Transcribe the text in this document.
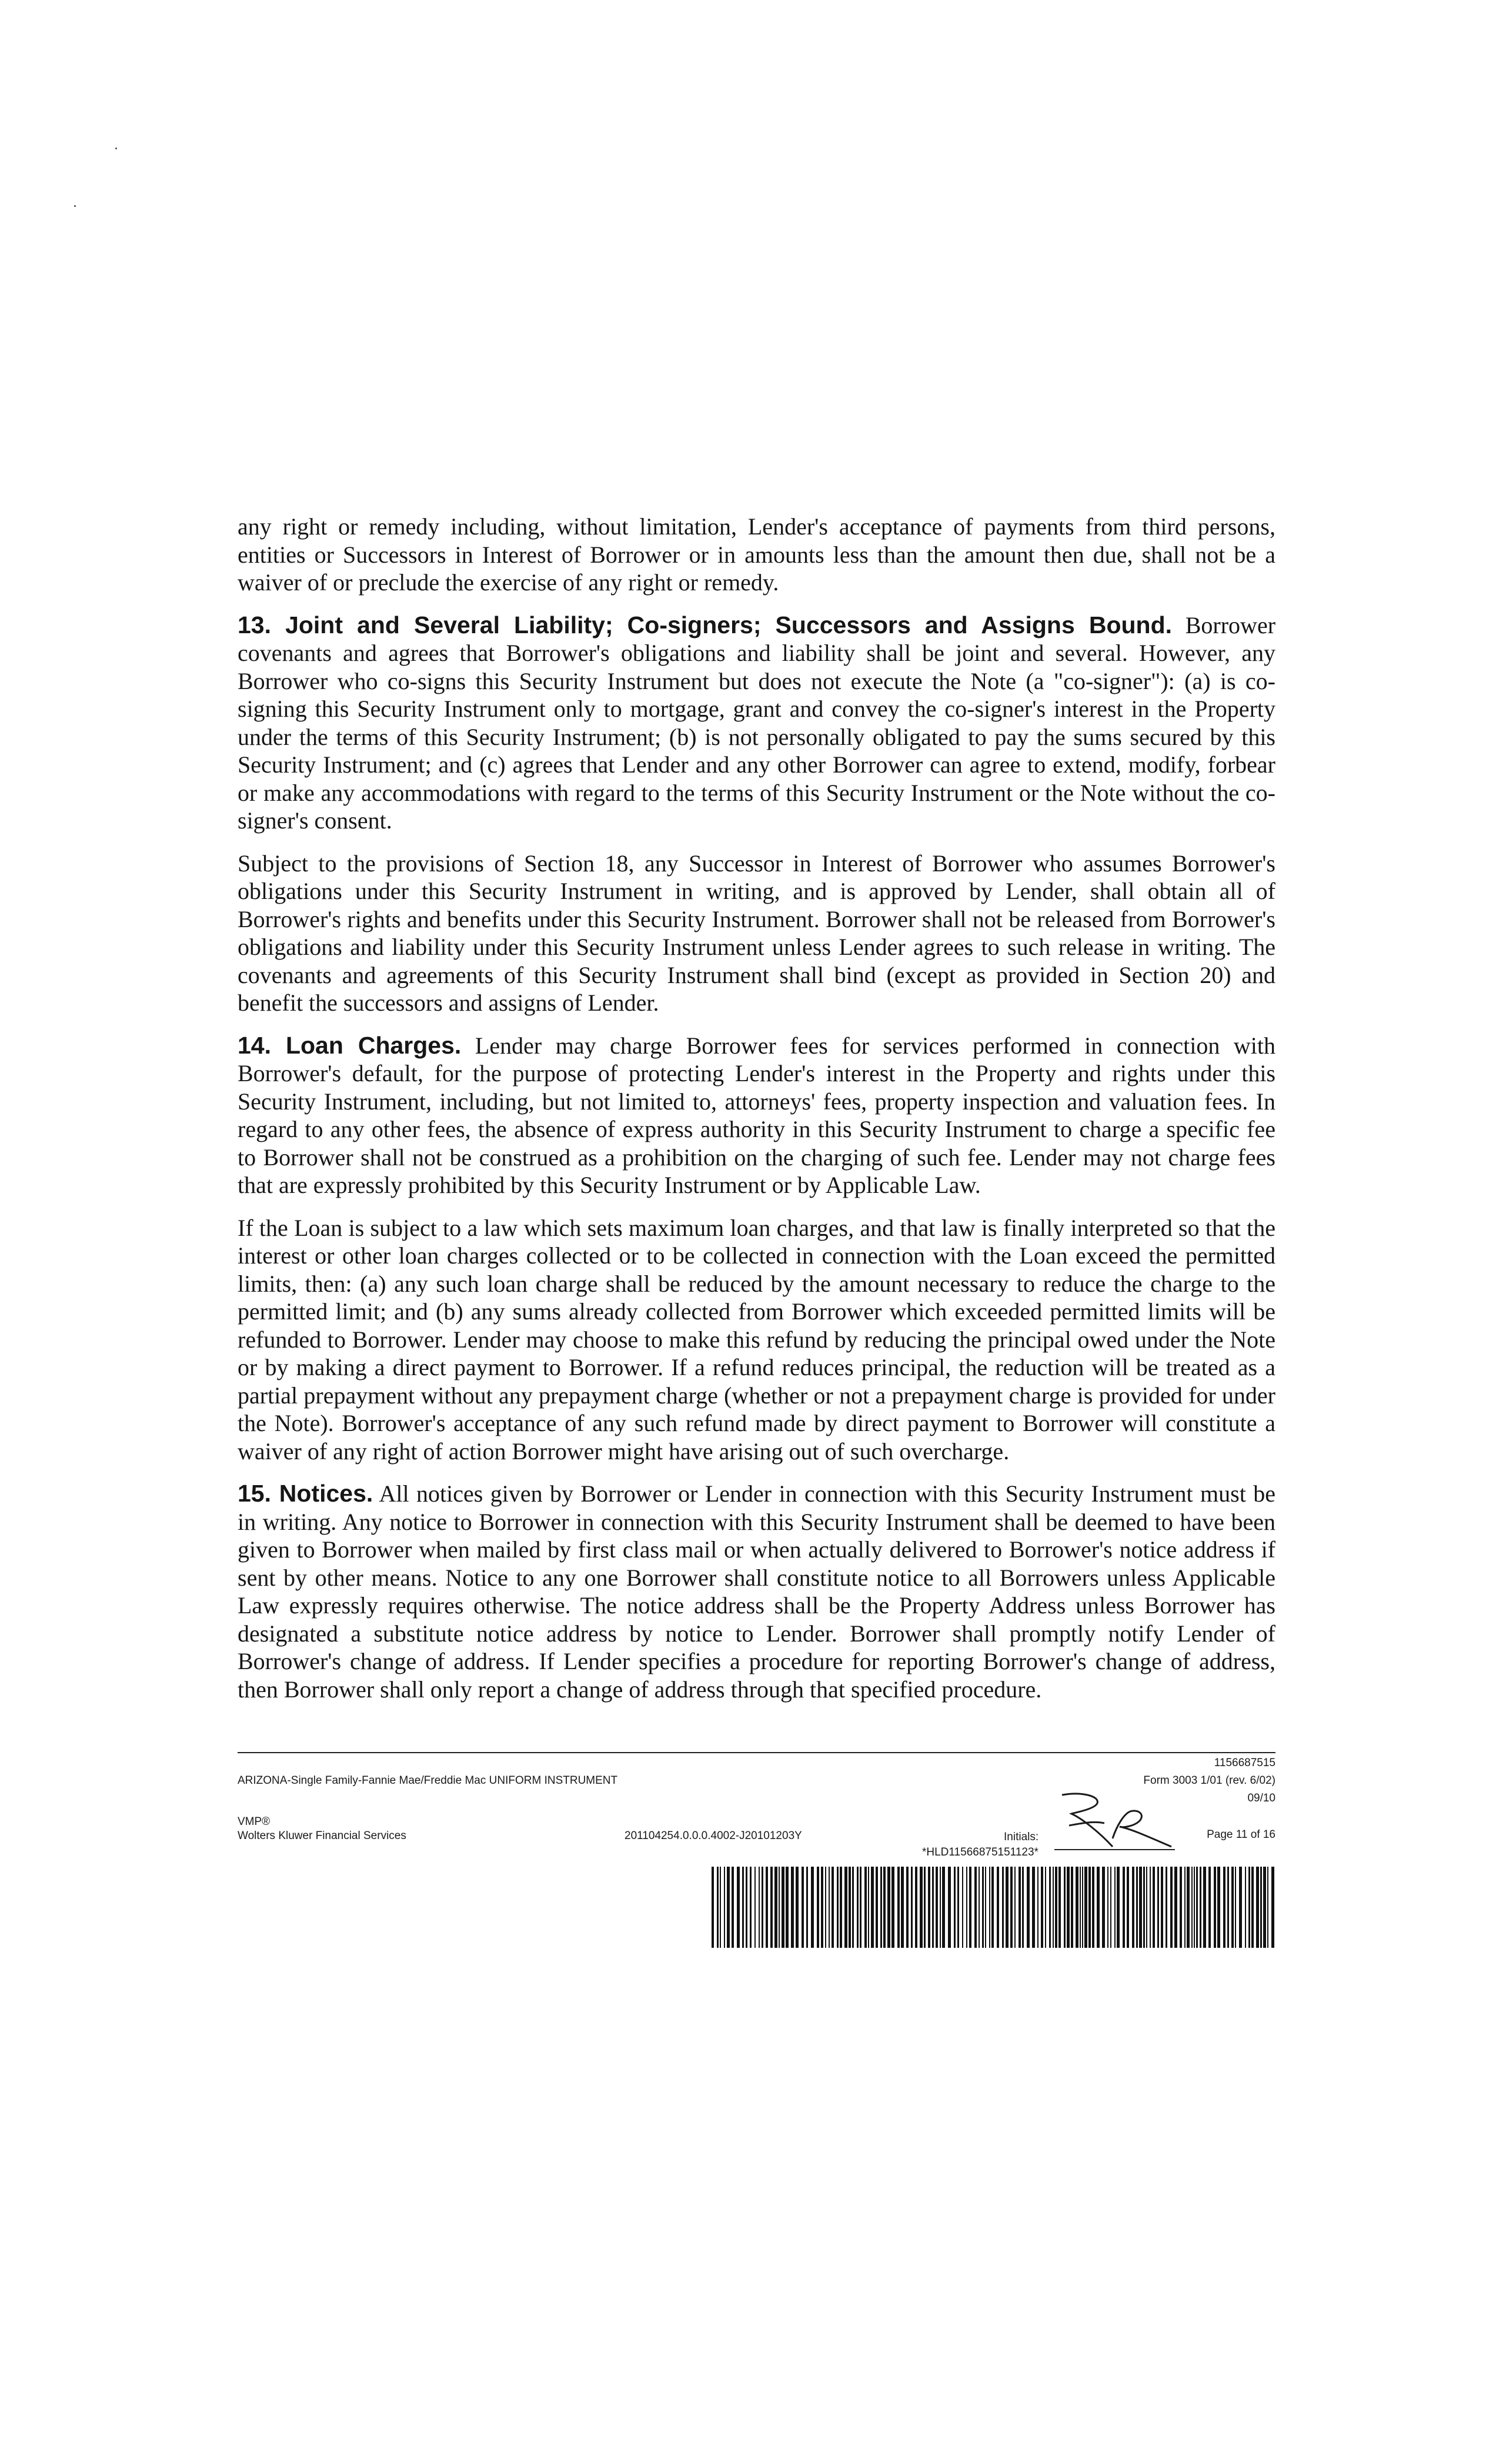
any right or remedy including, without limitation, Lender's acceptance of payments from third persons, entities or Successors in Interest of Borrower or in amounts less than the amount then due, shall not be a waiver of or preclude the exercise of any right or remedy.

13. Joint and Several Liability; Co-signers; Successors and Assigns Bound. Borrower covenants and agrees that Borrower's obligations and liability shall be joint and several. However, any Borrower who co-signs this Security Instrument but does not execute the Note (a "co-signer"): (a) is co-signing this Security Instrument only to mortgage, grant and convey the co-signer's interest in the Property under the terms of this Security Instrument; (b) is not personally obligated to pay the sums secured by this Security Instrument; and (c) agrees that Lender and any other Borrower can agree to extend, modify, forbear or make any accommodations with regard to the terms of this Security Instrument or the Note without the co-signer's consent.

Subject to the provisions of Section 18, any Successor in Interest of Borrower who assumes Borrower's obligations under this Security Instrument in writing, and is approved by Lender, shall obtain all of Borrower's rights and benefits under this Security Instrument. Borrower shall not be released from Borrower's obligations and liability under this Security Instrument unless Lender agrees to such release in writing. The covenants and agreements of this Security Instrument shall bind (except as provided in Section 20) and benefit the successors and assigns of Lender.

14. Loan Charges. Lender may charge Borrower fees for services performed in connection with Borrower's default, for the purpose of protecting Lender's interest in the Property and rights under this Security Instrument, including, but not limited to, attorneys' fees, property inspection and valuation fees. In regard to any other fees, the absence of express authority in this Security Instrument to charge a specific fee to Borrower shall not be construed as a prohibition on the charging of such fee. Lender may not charge fees that are expressly prohibited by this Security Instrument or by Applicable Law.

If the Loan is subject to a law which sets maximum loan charges, and that law is finally interpreted so that the interest or other loan charges collected or to be collected in connection with the Loan exceed the permitted limits, then: (a) any such loan charge shall be reduced by the amount necessary to reduce the charge to the permitted limit; and (b) any sums already collected from Borrower which exceeded permitted limits will be refunded to Borrower. Lender may choose to make this refund by reducing the principal owed under the Note or by making a direct payment to Borrower. If a refund reduces principal, the reduction will be treated as a partial prepayment without any prepayment charge (whether or not a prepayment charge is provided for under the Note). Borrower's acceptance of any such refund made by direct payment to Borrower will constitute a waiver of any right of action Borrower might have arising out of such overcharge.

15. Notices. All notices given by Borrower or Lender in connection with this Security Instrument must be in writing. Any notice to Borrower in connection with this Security Instrument shall be deemed to have been given to Borrower when mailed by first class mail or when actually delivered to Borrower's notice address if sent by other means. Notice to any one Borrower shall constitute notice to all Borrowers unless Applicable Law expressly requires otherwise. The notice address shall be the Property Address unless Borrower has designated a substitute notice address by notice to Lender. Borrower shall promptly notify Lender of Borrower's change of address. If Lender specifies a procedure for reporting Borrower's change of address, then Borrower shall only report a change of address through that specified procedure.

1156687515
ARIZONA-Single Family-Fannie Mae/Freddie Mac UNIFORM INSTRUMENT	Form 3003 1/01 (rev. 6/02)
09/10
VMP®
Wolters Kluwer Financial Services	201104254.0.0.0.4002-J20101203Y	Initials:	Page 11 of 16
*HLD11566875151123*
